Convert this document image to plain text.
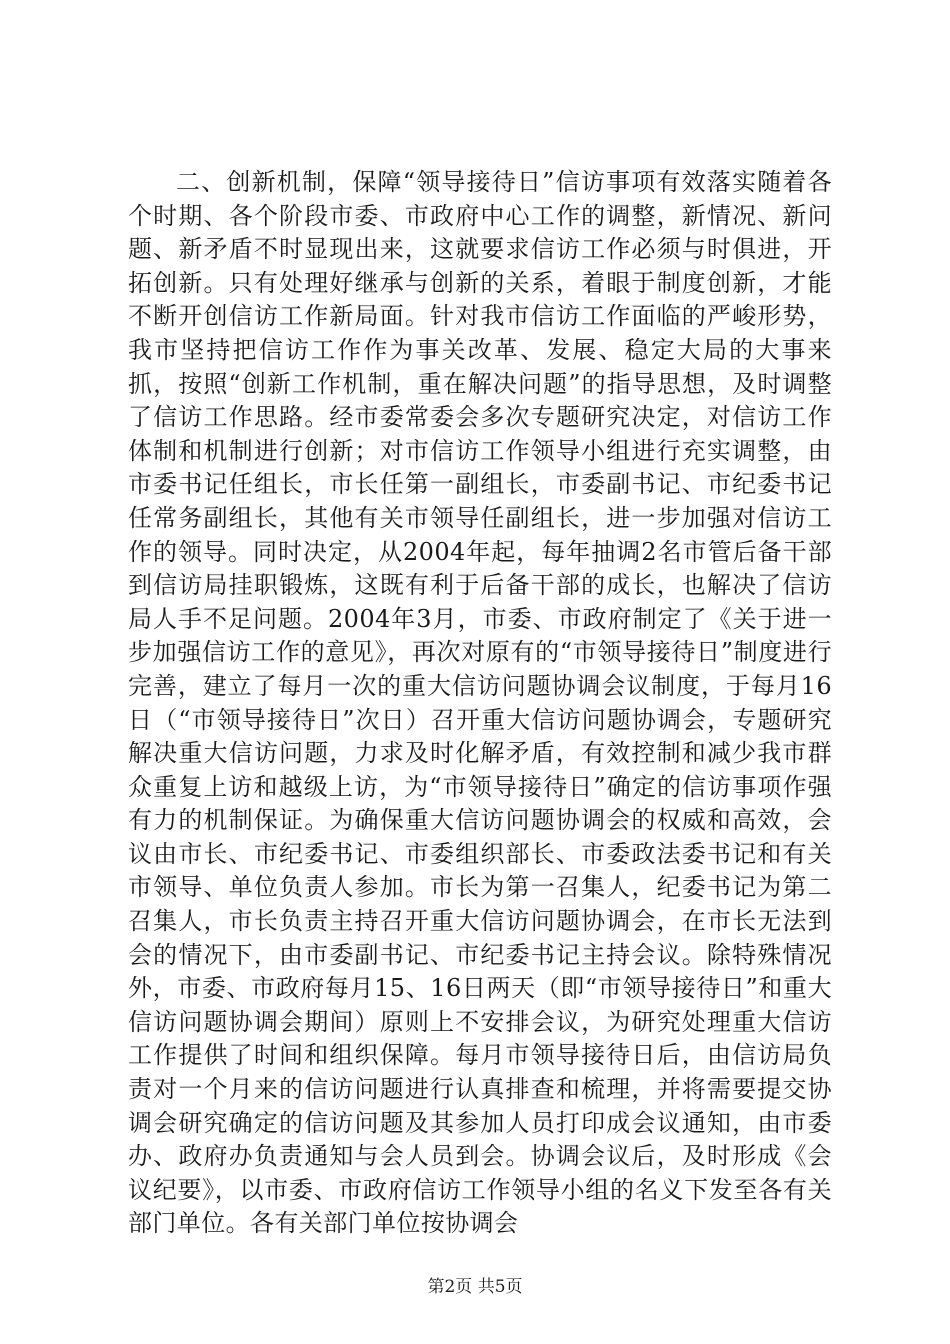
二、创新机制，保障“领导接待日”信访事项有效落实随着各个时期、各个阶段市委、市政府中心工作的调整，新情况、新问题、新矛盾不时显现出来，这就要求信访工作必须与时俱进，开拓创新。只有处理好继承与创新的关系，着眼于制度创新，才能不断开创信访工作新局面。针对我市信访工作面临的严峻形势，我市坚持把信访工作作为事关改革、发展、稳定大局的大事来抓，按照“创新工作机制，重在解决问题”的指导思想，及时调整了信访工作思路。经市委常委会多次专题研究决定，对信访工作体制和机制进行创新；对市信访工作领导小组进行充实调整，由市委书记任组长，市长任第一副组长，市委副书记、市纪委书记任常务副组长，其他有关市领导任副组长，进一步加强对信访工作的领导。同时决定，从2004年起，每年抽调2名市管后备干部到信访局挂职锻炼，这既有利于后备干部的成长，也解决了信访局人手不足问题。2004年3月，市委、市政府制定了《关于进一步加强信访工作的意见》，再次对原有的“市领导接待日”制度进行完善，建立了每月一次的重大信访问题协调会议制度，于每月16日（“市领导接待日”次日）召开重大信访问题协调会，专题研究解决重大信访问题，力求及时化解矛盾，有效控制和减少我市群众重复上访和越级上访，为“市领导接待日”确定的信访事项作强有力的机制保证。为确保重大信访问题协调会的权威和高效，会议由市长、市纪委书记、市委组织部长、市委政法委书记和有关市领导、单位负责人参加。市长为第一召集人，纪委书记为第二召集人，市长负责主持召开重大信访问题协调会，在市长无法到会的情况下，由市委副书记、市纪委书记主持会议。除特殊情况外，市委、市政府每月15、16日两天（即“市领导接待日”和重大信访问题协调会期间）原则上不安排会议，为研究处理重大信访工作提供了时间和组织保障。每月市领导接待日后，由信访局负责对一个月来的信访问题进行认真排查和梳理，并将需要提交协调会研究确定的信访问题及其参加人员打印成会议通知，由市委办、政府办负责通知与会人员到会。协调会议后，及时形成《会议纪要》，以市委、市政府信访工作领导小组的名义下发至各有关部门单位。各有关部门单位按协调会

第2页 共5页
